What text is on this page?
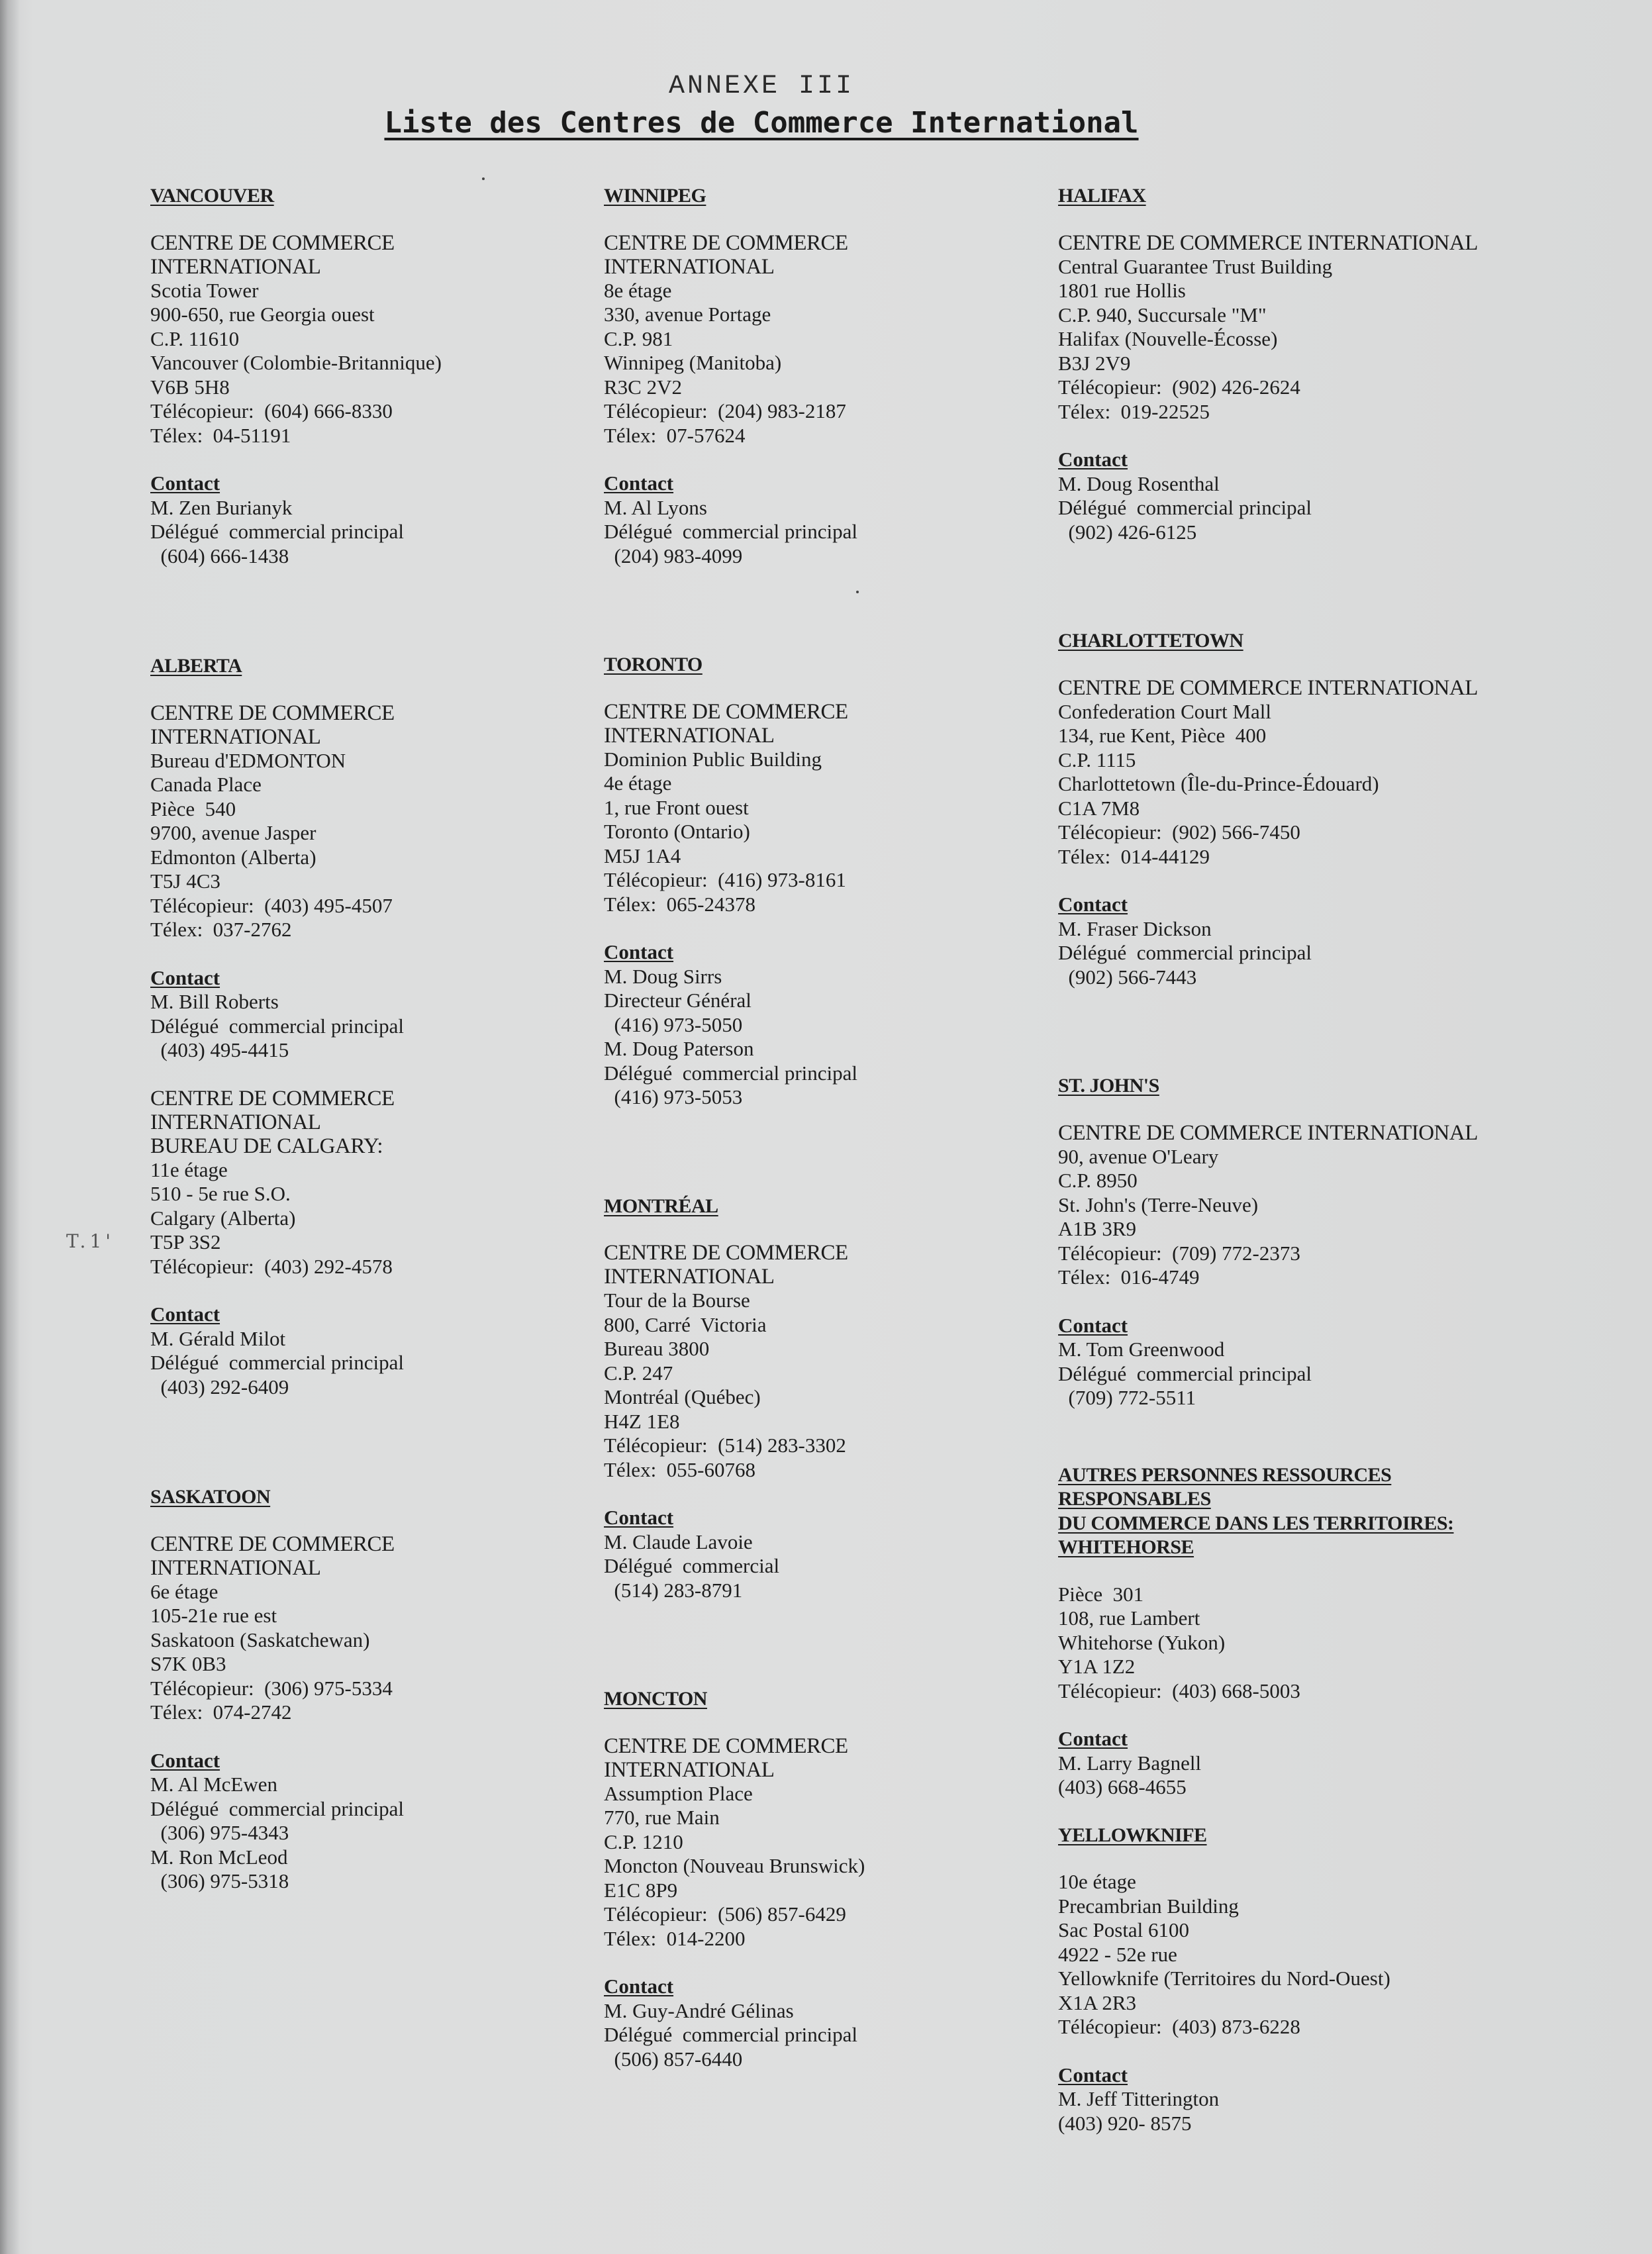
ANNEXE III
Liste des Centres de Commerce International
T.1'
VANCOUVER
CENTRE DE COMMERCE
INTERNATIONAL
Scotia Tower
900-650, rue Georgia ouest
C.P. 11610
Vancouver (Colombie-Britannique)
V6B 5H8
Télécopieur:  (604) 666-8330
Télex:  04-51191
Contact
M. Zen Burianyk
Délégué  commercial principal
(604) 666-1438
ALBERTA
CENTRE DE COMMERCE
INTERNATIONAL
Bureau d'EDMONTON
Canada Place
Pièce  540
9700, avenue Jasper
Edmonton (Alberta)
T5J 4C3
Télécopieur:  (403) 495-4507
Télex:  037-2762
Contact
M. Bill Roberts
Délégué  commercial principal
(403) 495-4415
CENTRE DE COMMERCE
INTERNATIONAL
BUREAU DE CALGARY:
11e étage
510 - 5e rue S.O.
Calgary (Alberta)
T5P 3S2
Télécopieur:  (403) 292-4578
Contact
M. Gérald Milot
Délégué  commercial principal
(403) 292-6409
SASKATOON
CENTRE DE COMMERCE
INTERNATIONAL
6e étage
105-21e rue est
Saskatoon (Saskatchewan)
S7K 0B3
Télécopieur:  (306) 975-5334
Télex:  074-2742
Contact
M. Al McEwen
Délégué  commercial principal
(306) 975-4343
M. Ron McLeod
(306) 975-5318
WINNIPEG
CENTRE DE COMMERCE
INTERNATIONAL
8e étage
330, avenue Portage
C.P. 981
Winnipeg (Manitoba)
R3C 2V2
Télécopieur:  (204) 983-2187
Télex:  07-57624
Contact
M. Al Lyons
Délégué  commercial principal
(204) 983-4099
TORONTO
CENTRE DE COMMERCE
INTERNATIONAL
Dominion Public Building
4e étage
1, rue Front ouest
Toronto (Ontario)
M5J 1A4
Télécopieur:  (416) 973-8161
Télex:  065-24378
Contact
M. Doug Sirrs
Directeur Général
(416) 973-5050
M. Doug Paterson
Délégué  commercial principal
(416) 973-5053
MONTRÉAL
CENTRE DE COMMERCE
INTERNATIONAL
Tour de la Bourse
800, Carré  Victoria
Bureau 3800
C.P. 247
Montréal (Québec)
H4Z 1E8
Télécopieur:  (514) 283-3302
Télex:  055-60768
Contact
M. Claude Lavoie
Délégué  commercial
(514) 283-8791
MONCTON
CENTRE DE COMMERCE
INTERNATIONAL
Assumption Place
770, rue Main
C.P. 1210
Moncton (Nouveau Brunswick)
E1C 8P9
Télécopieur:  (506) 857-6429
Télex:  014-2200
Contact
M. Guy-André Gélinas
Délégué  commercial principal
(506) 857-6440
HALIFAX
CENTRE DE COMMERCE INTERNATIONAL
Central Guarantee Trust Building
1801 rue Hollis
C.P. 940, Succursale "M"
Halifax (Nouvelle-Écosse)
B3J 2V9
Télécopieur:  (902) 426-2624
Télex:  019-22525
Contact
M. Doug Rosenthal
Délégué  commercial principal
(902) 426-6125
CHARLOTTETOWN
CENTRE DE COMMERCE INTERNATIONAL
Confederation Court Mall
134, rue Kent, Pièce  400
C.P. 1115
Charlottetown (Île-du-Prince-Édouard)
C1A 7M8
Télécopieur:  (902) 566-7450
Télex:  014-44129
Contact
M. Fraser Dickson
Délégué  commercial principal
(902) 566-7443
ST. JOHN'S
CENTRE DE COMMERCE INTERNATIONAL
90, avenue O'Leary
C.P. 8950
St. John's (Terre-Neuve)
A1B 3R9
Télécopieur:  (709) 772-2373
Télex:  016-4749
Contact
M. Tom Greenwood
Délégué  commercial principal
(709) 772-5511
AUTRES PERSONNES RESSOURCES
RESPONSABLES
DU COMMERCE DANS LES TERRITOIRES:
WHITEHORSE
Pièce  301
108, rue Lambert
Whitehorse (Yukon)
Y1A 1Z2
Télécopieur:  (403) 668-5003
Contact
M. Larry Bagnell
(403) 668-4655
YELLOWKNIFE
10e étage
Precambrian Building
Sac Postal 6100
4922 - 52e rue
Yellowknife (Territoires du Nord-Ouest)
X1A 2R3
Télécopieur:  (403) 873-6228
Contact
M. Jeff Titterington
(403) 920- 8575
